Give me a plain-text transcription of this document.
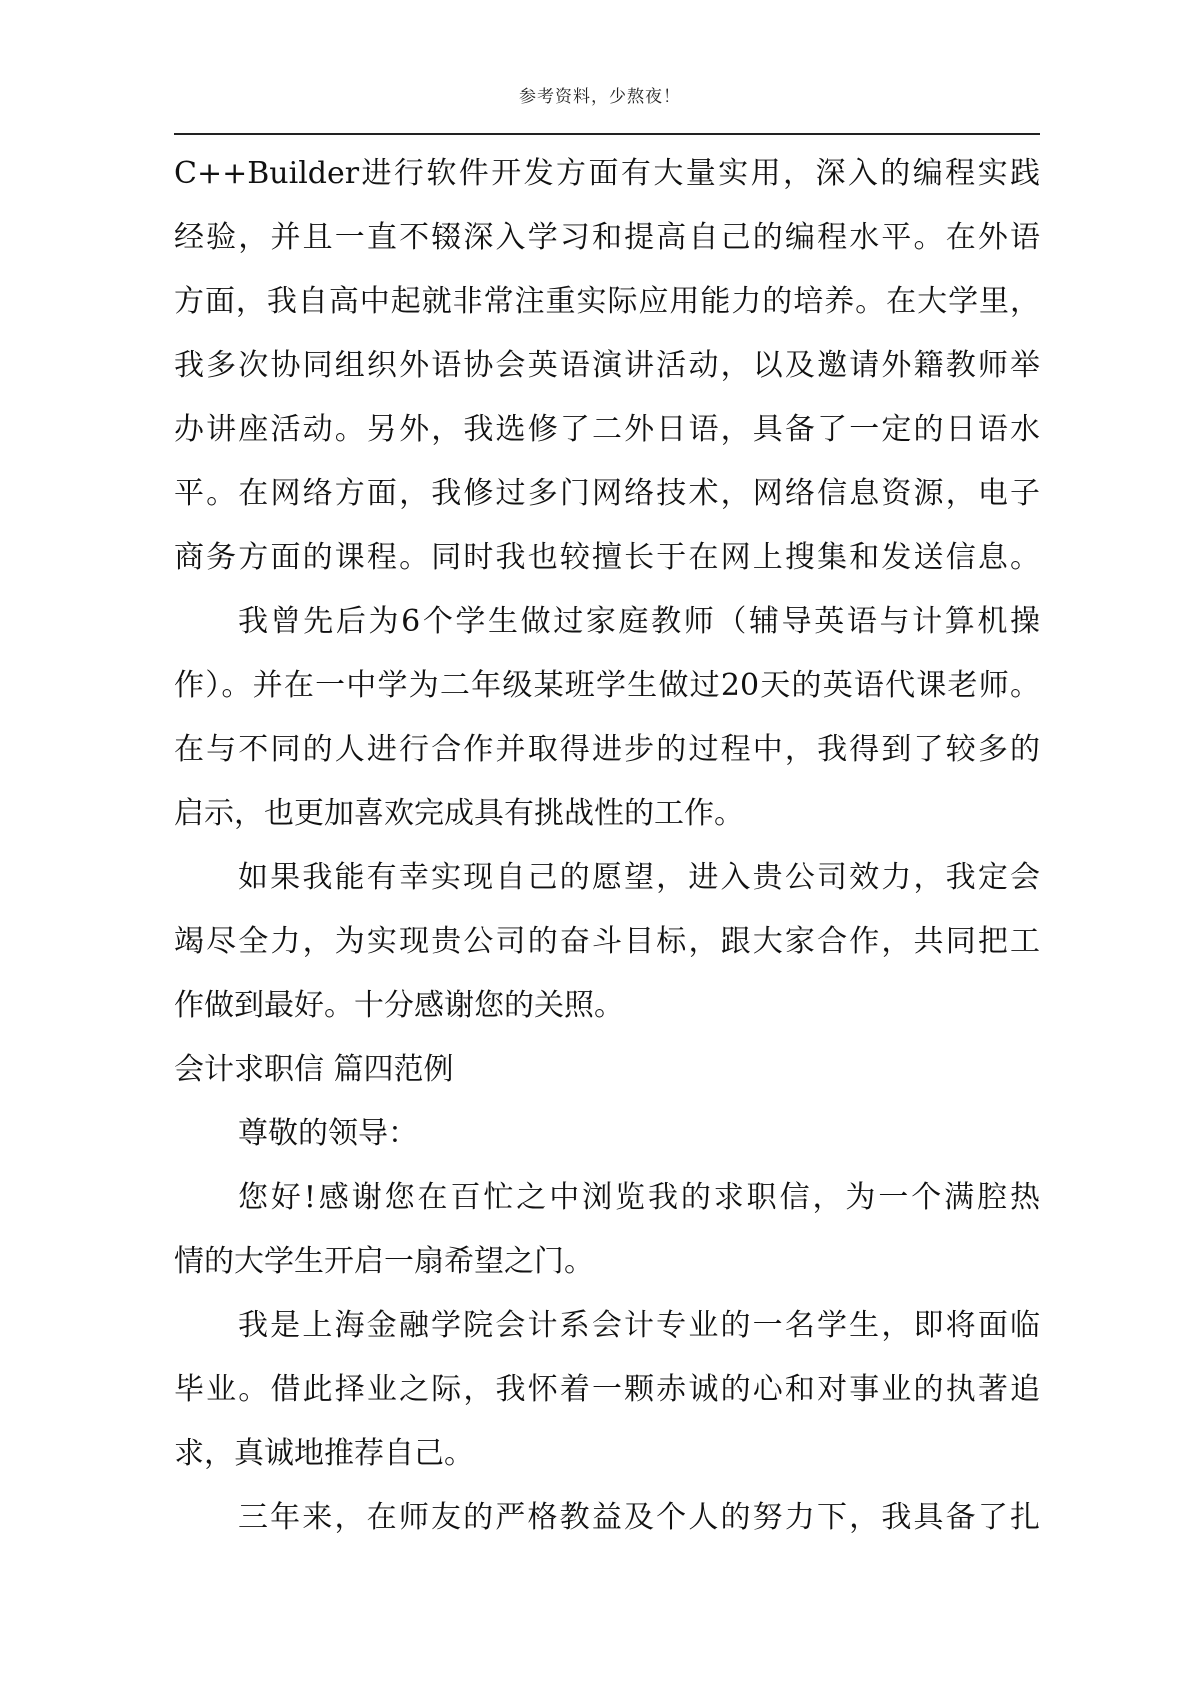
参考资料，少熬夜！
C++Builder进行软件开发方面有大量实用，深入的编程实践
经验，并且一直不辍深入学习和提高自己的编程水平。在外语
方面，我自高中起就非常注重实际应用能力的培养。在大学里，
我多次协同组织外语协会英语演讲活动，以及邀请外籍教师举
办讲座活动。另外，我选修了二外日语，具备了一定的日语水
平。在网络方面，我修过多门网络技术，网络信息资源，电子
商务方面的课程。同时我也较擅长于在网上搜集和发送信息。
我曾先后为6个学生做过家庭教师（辅导英语与计算机操
作）。并在一中学为二年级某班学生做过20天的英语代课老师。
在与不同的人进行合作并取得进步的过程中，我得到了较多的
启示，也更加喜欢完成具有挑战性的工作。
如果我能有幸实现自己的愿望，进入贵公司效力，我定会
竭尽全力，为实现贵公司的奋斗目标，跟大家合作，共同把工
作做到最好。十分感谢您的关照。
会计求职信 篇四范例
尊敬的领导：
您好!感谢您在百忙之中浏览我的求职信，为一个满腔热
情的大学生开启一扇希望之门。
我是上海金融学院会计系会计专业的一名学生，即将面临
毕业。借此择业之际，我怀着一颗赤诚的心和对事业的执著追
求，真诚地推荐自己。
三年来，在师友的严格教益及个人的努力下，我具备了扎
